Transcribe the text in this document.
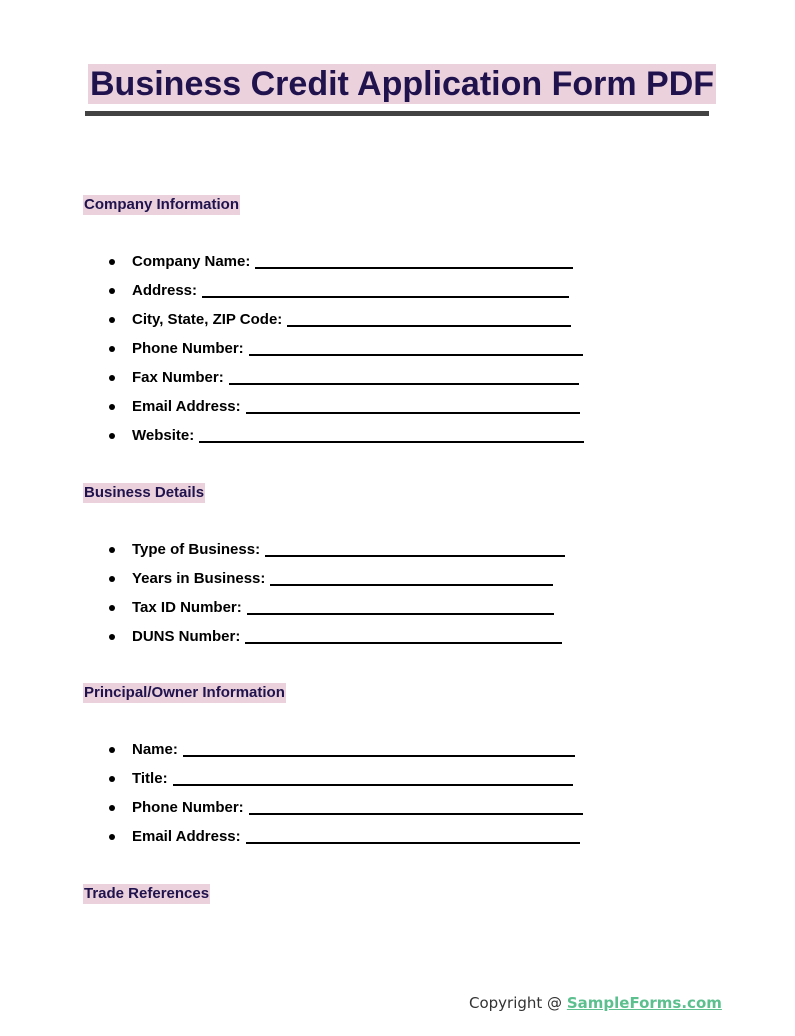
Business Credit Application Form PDF
Company Information
Company Name:
Address:
City, State, ZIP Code:
Phone Number:
Fax Number:
Email Address:
Website:
Business Details
Type of Business:
Years in Business:
Tax ID Number:
DUNS Number:
Principal/Owner Information
Name:
Title:
Phone Number:
Email Address:
Trade References
Copyright @ SampleForms.com
